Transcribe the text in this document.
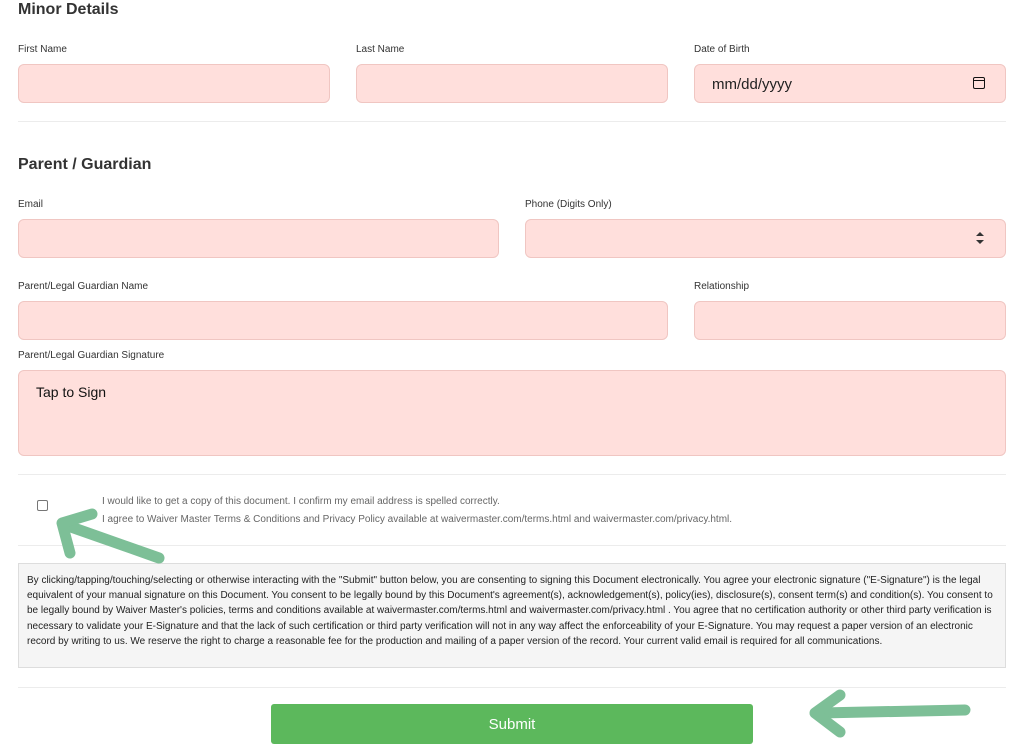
Minor Details
First Name	Last Name	Date of Birth
mm/dd/yyyy
Parent / Guardian
Email	Phone (Digits Only)
Parent/Legal Guardian Name	Relationship
Parent/Legal Guardian Signature
Tap to Sign
I would like to get a copy of this document. I confirm my email address is spelled correctly.
I agree to Waiver Master Terms & Conditions and Privacy Policy available at waivermaster.com/terms.html and waivermaster.com/privacy.html.
By clicking/tapping/touching/selecting or otherwise interacting with the "Submit" button below, you are consenting to signing this Document electronically. You agree your electronic signature ("E-Signature") is the legal equivalent of your manual signature on this Document. You consent to be legally bound by this Document's agreement(s), acknowledgement(s), policy(ies), disclosure(s), consent term(s) and condition(s). You consent to be legally bound by Waiver Master's policies, terms and conditions available at waivermaster.com/terms.html and waivermaster.com/privacy.html . You agree that no certification authority or other third party verification is necessary to validate your E-Signature and that the lack of such certification or third party verification will not in any way affect the enforceability of your E-Signature. You may request a paper version of an electronic record by writing to us. We reserve the right to charge a reasonable fee for the production and mailing of a paper version of the record. Your current valid email is required for all communications.
Submit
